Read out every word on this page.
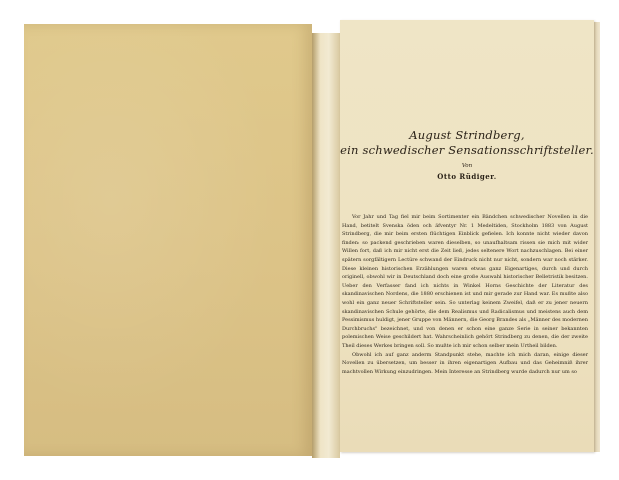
August Strindberg,
ein schwedischer Sensationsschriftsteller.
Von
Otto Rüdiger.

Vor Jahr und Tag fiel mir beim Sortimenter ein Bändchen schwedischer Novellen in die Hand, betitelt Svenska öden och äfventyr Nr. 1 Medeltiden, Stockholm 1883 von August Strindberg, die mir beim ersten flüchtigen Einblick gefielen. Ich konnte nicht wieder davon finden: so packend geschrieben waren dieselben, so unaufhaltsam rissen sie mich mit wider Willen fort, daß ich mir nicht erst die Zeit ließ, jedes seltenere Wort nachzuschlagen. Bei einer spätern sorgfältigern Lectüre schwand der Eindruck nicht nur nicht, sondern war noch stärker. Diese kleinen historischen Erzählungen waren etwas ganz Eigenartiges, durch und durch originell, obwohl wir in Deutschland doch eine große Auswahl historischer Belletristik besitzen. Ueber den Verfasser fand ich nichts in Winkel Horns Geschichte der Literatur des skandinavischen Nordens, die 1880 erschienen ist und mir gerade zur Hand war. Es mußte also wohl ein ganz neuer Schriftsteller sein. So unterlag keinem Zweifel, daß er zu jener neuern skandinavischen Schule gehörte, die dem Realismus und Radicalismus und meistens auch dem Pessimismus huldigt, jener Gruppe von Männern, die Georg Brandes als „Männer des modernen Durchbruchs" bezeichnet, und von denen er schon eine ganze Serie in seiner bekannten polemischen Weise geschildert hat. Wahrscheinlich gehört Strindberg zu denen, die der zweite Theil dieses Werkes bringen soll. So mußte ich mir schon selber mein Urtheil bilden.

Obwohl ich auf ganz anderm Standpunkt stehe, machte ich mich daran, einige dieser Novellen zu übersetzen, um besser in ihren eigenartigen Aufbau und das Geheimniß ihrer machtvollen Wirkung einzudringen. Mein Interesse an Strindberg wurde dadurch nur um so
